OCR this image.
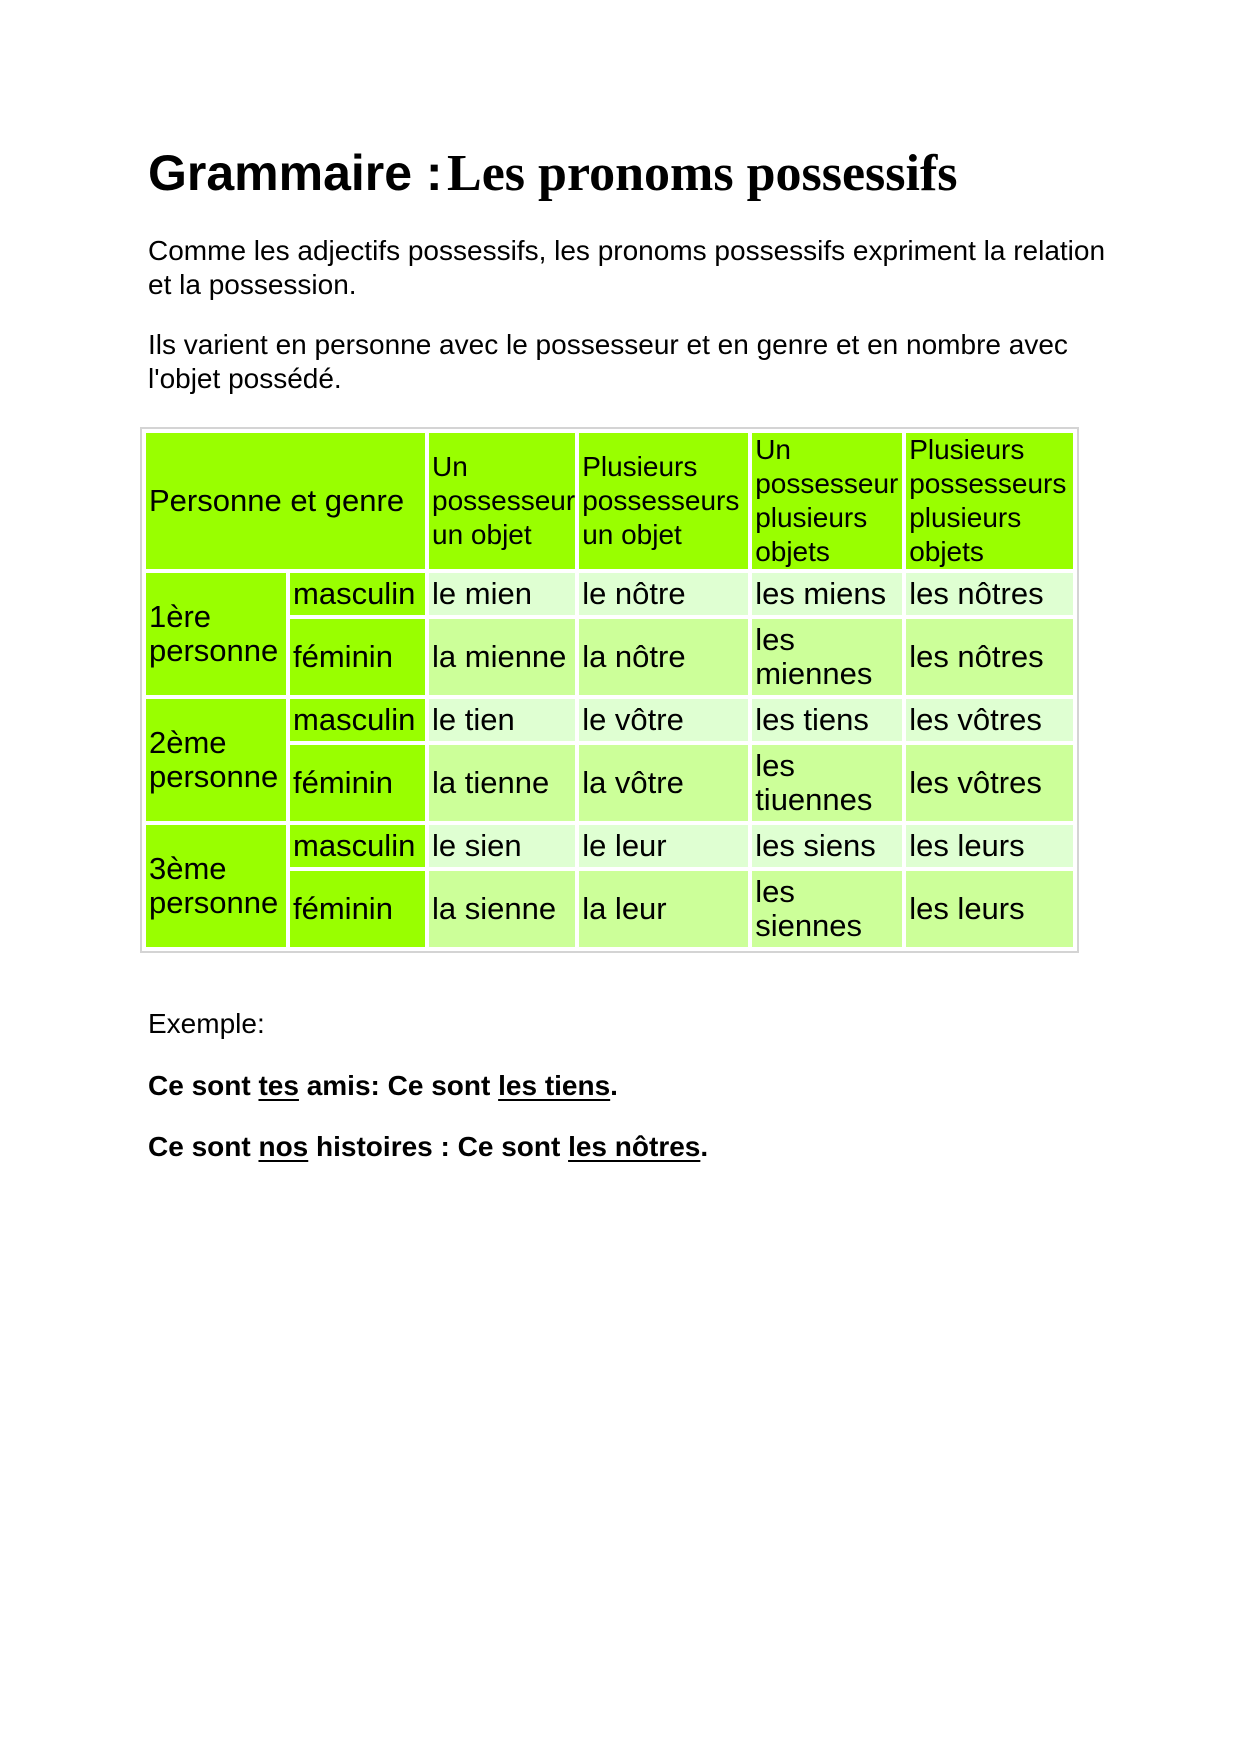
Grammaire : Les pronoms possessifs
Comme les adjectifs possessifs, les pronoms possessifs expriment la relation et la possession.
Ils varient en personne avec le possesseur et en genre et en nombre avec l'objet possédé.
Personne et genre		Un possesseur un objet	Plusieurs possesseurs un objet	Un possesseur plusieurs objets	Plusieurs possesseurs plusieurs objets
1ère personne	masculin	le mien	le nôtre	les miens	les nôtres
	féminin	la mienne	la nôtre	les miennes	les nôtres
2ème personne	masculin	le tien	le vôtre	les tiens	les vôtres
	féminin	la tienne	la vôtre	les tiuennes	les vôtres
3ème personne	masculin	le sien	le leur	les siens	les leurs
	féminin	la sienne	la leur	les siennes	les leurs
Exemple:
Ce sont tes amis: Ce sont les tiens.
Ce sont nos histoires : Ce sont les nôtres.
